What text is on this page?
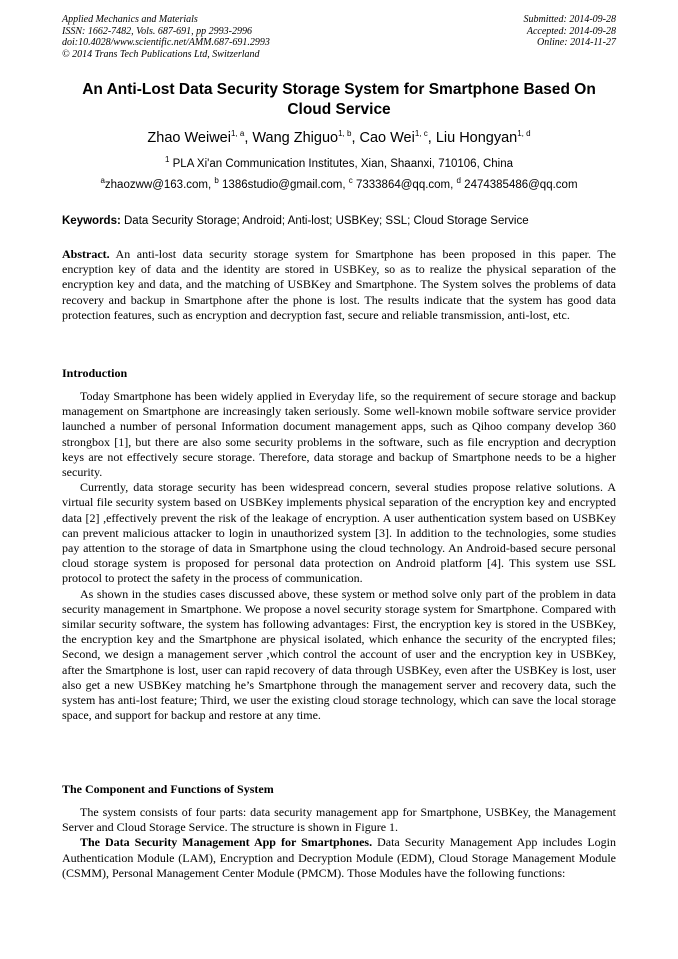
Applied Mechanics and Materials
ISSN: 1662-7482, Vols. 687-691, pp 2993-2996
doi:10.4028/www.scientific.net/AMM.687-691.2993
© 2014 Trans Tech Publications Ltd, Switzerland
Submitted: 2014-09-28
Accepted: 2014-09-28
Online: 2014-11-27
An Anti-Lost Data Security Storage System for Smartphone Based On
Cloud Service
Zhao Weiwei$^{1, a}$, Wang Zhiguo$^{1, b}$, Cao Wei$^{1, c}$, Liu Hongyan$^{1, d}$
$^1$ PLA Xi'an Communication Institutes, Xian, Shaanxi, 710106, China
$^a$zhaozww@163.com, $^b$ 1386studio@gmail.com, $^c$ 7333864@qq.com, $^d$ 2474385486@qq.com
Keywords: Data Security Storage; Android; Anti-lost; USBKey; SSL; Cloud Storage Service

Abstract. An anti-lost data security storage system for Smartphone has been proposed in this paper. The encryption key of data and the identity are stored in USBKey, so as to realize the physical separation of the encryption key and data, and the matching of USBKey and Smartphone. The System solves the problems of data recovery and backup in Smartphone after the phone is lost. The results indicate that the system has good data protection features, such as encryption and decryption fast, secure and reliable transmission, anti-lost, etc.

Introduction

Today Smartphone has been widely applied in Everyday life, so the requirement of secure storage and backup management on Smartphone are increasingly taken seriously. Some well-known mobile software service provider launched a number of personal Information document management apps, such as Qihoo company develop 360 strongbox [1], but there are also some security problems in the software, such as file encryption and decryption keys are not effectively secure storage. Therefore, data storage and backup of Smartphone needs to be a higher security.

Currently, data storage security has been widespread concern, several studies propose relative solutions. A virtual file security system based on USBKey implements physical separation of the encryption key and encrypted data [2] ,effectively prevent the risk of the leakage of encryption. A user authentication system based on USBKey can prevent malicious attacker to login in unauthorized system [3]. In addition to the technologies, some studies pay attention to the storage of data in Smartphone using the cloud technology. An Android-based secure personal cloud storage system is proposed for personal data protection on Android platform [4]. This system use SSL protocol to protect the safety in the process of communication.

As shown in the studies cases discussed above, these system or method solve only part of the problem in data security management in Smartphone. We propose a novel security storage system for Smartphone. Compared with similar security software, the system has following advantages: First, the encryption key is stored in the USBKey, the encryption key and the Smartphone are physical isolated, which enhance the security of the encrypted files; Second, we design a management server ,which control the account of user and the encryption key in USBKey, after the Smartphone is lost, user can rapid recovery of data through USBKey, even after the USBKey is lost, user also get a new USBKey matching he’s Smartphone through the management server and recovery data, such the system has anti-lost feature; Third, we user the existing cloud storage technology, which can save the local storage space, and support for backup and restore at any time.

The Component and Functions of System

The system consists of four parts: data security management app for Smartphone, USBKey, the Management Server and Cloud Storage Service. The structure is shown in Figure 1.

The Data Security Management App for Smartphones. Data Security Management App includes Login Authentication Module (LAM), Encryption and Decryption Module (EDM), Cloud Storage Management Module (CSMM), Personal Management Center Module (PMCM). Those Modules have the following functions:
